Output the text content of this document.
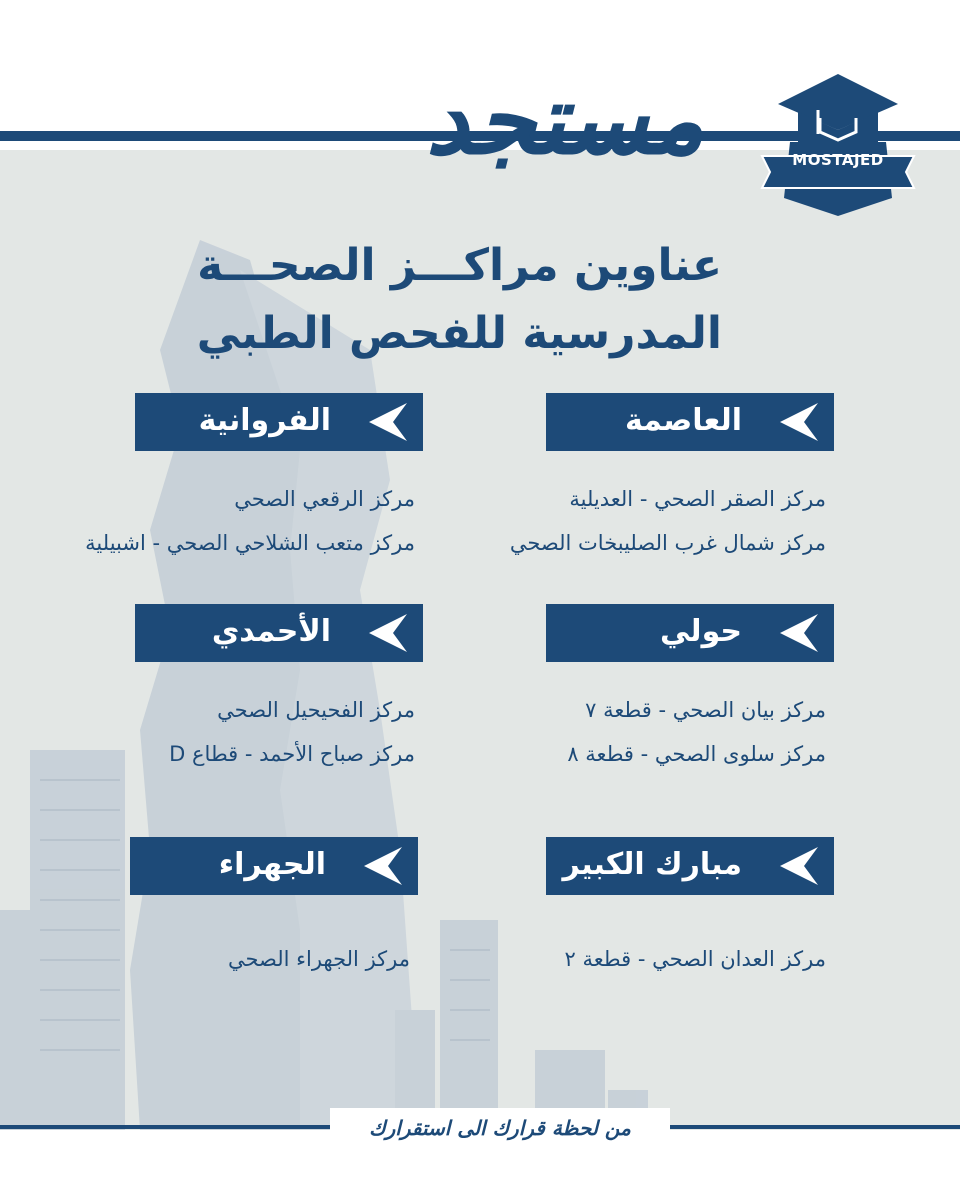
مستجد	MOSTAJED
عناوين مراكـــز الصحـــة
المدرسية للفحص الطبي
العاصمة
مركز الصقر الصحي - العديلية
مركز شمال غرب الصليبخات الصحي
الفروانية
مركز الرقعي الصحي
مركز متعب الشلاحي الصحي - اشبيلية
حولي
مركز بيان الصحي - قطعة ٧
مركز سلوى الصحي - قطعة ٨
الأحمدي
مركز الفحيحيل الصحي
مركز صباح الأحمد - قطاع D
مبارك الكبير
مركز العدان الصحي - قطعة ٢
الجهراء
مركز الجهراء الصحي
من لحظة قرارك الى استقرارك
